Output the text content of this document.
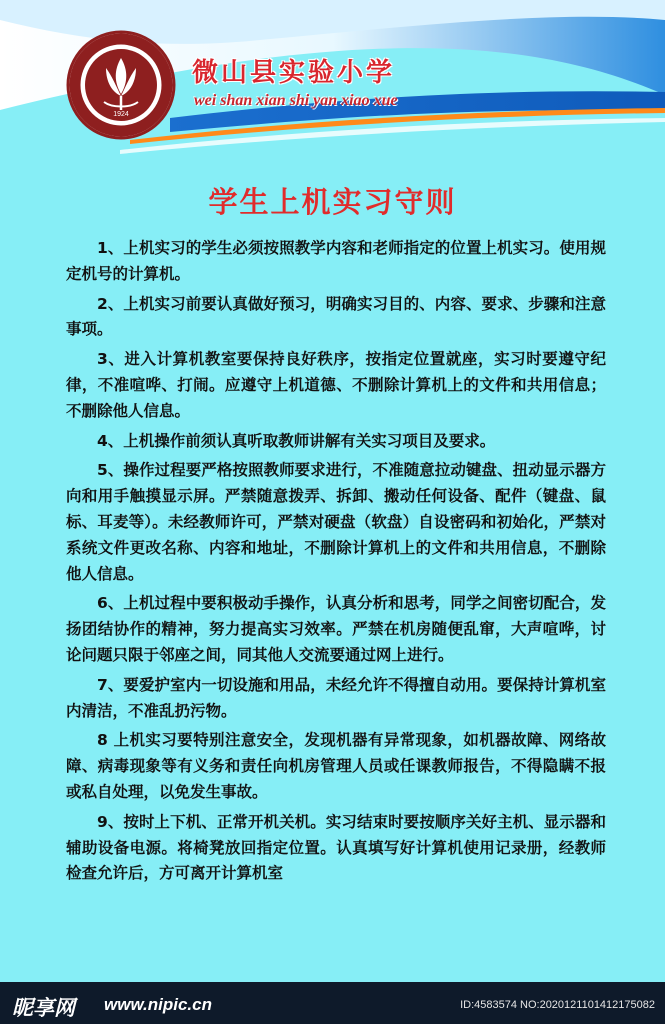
1924
微山县实验小学
wei shan xian shi yan xiao xue
学生上机实习守则

1、上机实习的学生必须按照教学内容和老师指定的位置上机实习。使用规定机号的计算机。

2、上机实习前要认真做好预习，明确实习目的、内容、要求、步骤和注意事项。

3、进入计算机教室要保持良好秩序，按指定位置就座，实习时要遵守纪律，不准喧哗、打闹。应遵守上机道德、不删除计算机上的文件和共用信息；不删除他人信息。

4、上机操作前须认真听取教师讲解有关实习项目及要求。

5、操作过程要严格按照教师要求进行，不准随意拉动键盘、扭动显示器方向和用手触摸显示屏。严禁随意拨弄、拆卸、搬动任何设备、配件（键盘、鼠标、耳麦等）。未经教师许可，严禁对硬盘（软盘）自设密码和初始化，严禁对系统文件更改名称、内容和地址，不删除计算机上的文件和共用信息，不删除他人信息。

6、上机过程中要积极动手操作，认真分析和思考，同学之间密切配合，发扬团结协作的精神，努力提高实习效率。严禁在机房随便乱窜，大声喧哗，讨论问题只限于邻座之间，同其他人交流要通过网上进行。

7、要爱护室内一切设施和用品，未经允许不得擅自动用。要保持计算机室内清洁，不准乱扔污物。

8 上机实习要特别注意安全，发现机器有异常现象，如机器故障、网络故障、病毒现象等有义务和责任向机房管理人员或任课教师报告，不得隐瞒不报或私自处理，以免发生事故。

9、按时上下机、正常开机关机。实习结束时要按顺序关好主机、显示器和辅助设备电源。将椅凳放回指定位置。认真填写好计算机使用记录册，经教师检查允许后，方可离开计算机室

昵享网 www.nipic.cn	ID:4583574 NO:20201211014121750​82
